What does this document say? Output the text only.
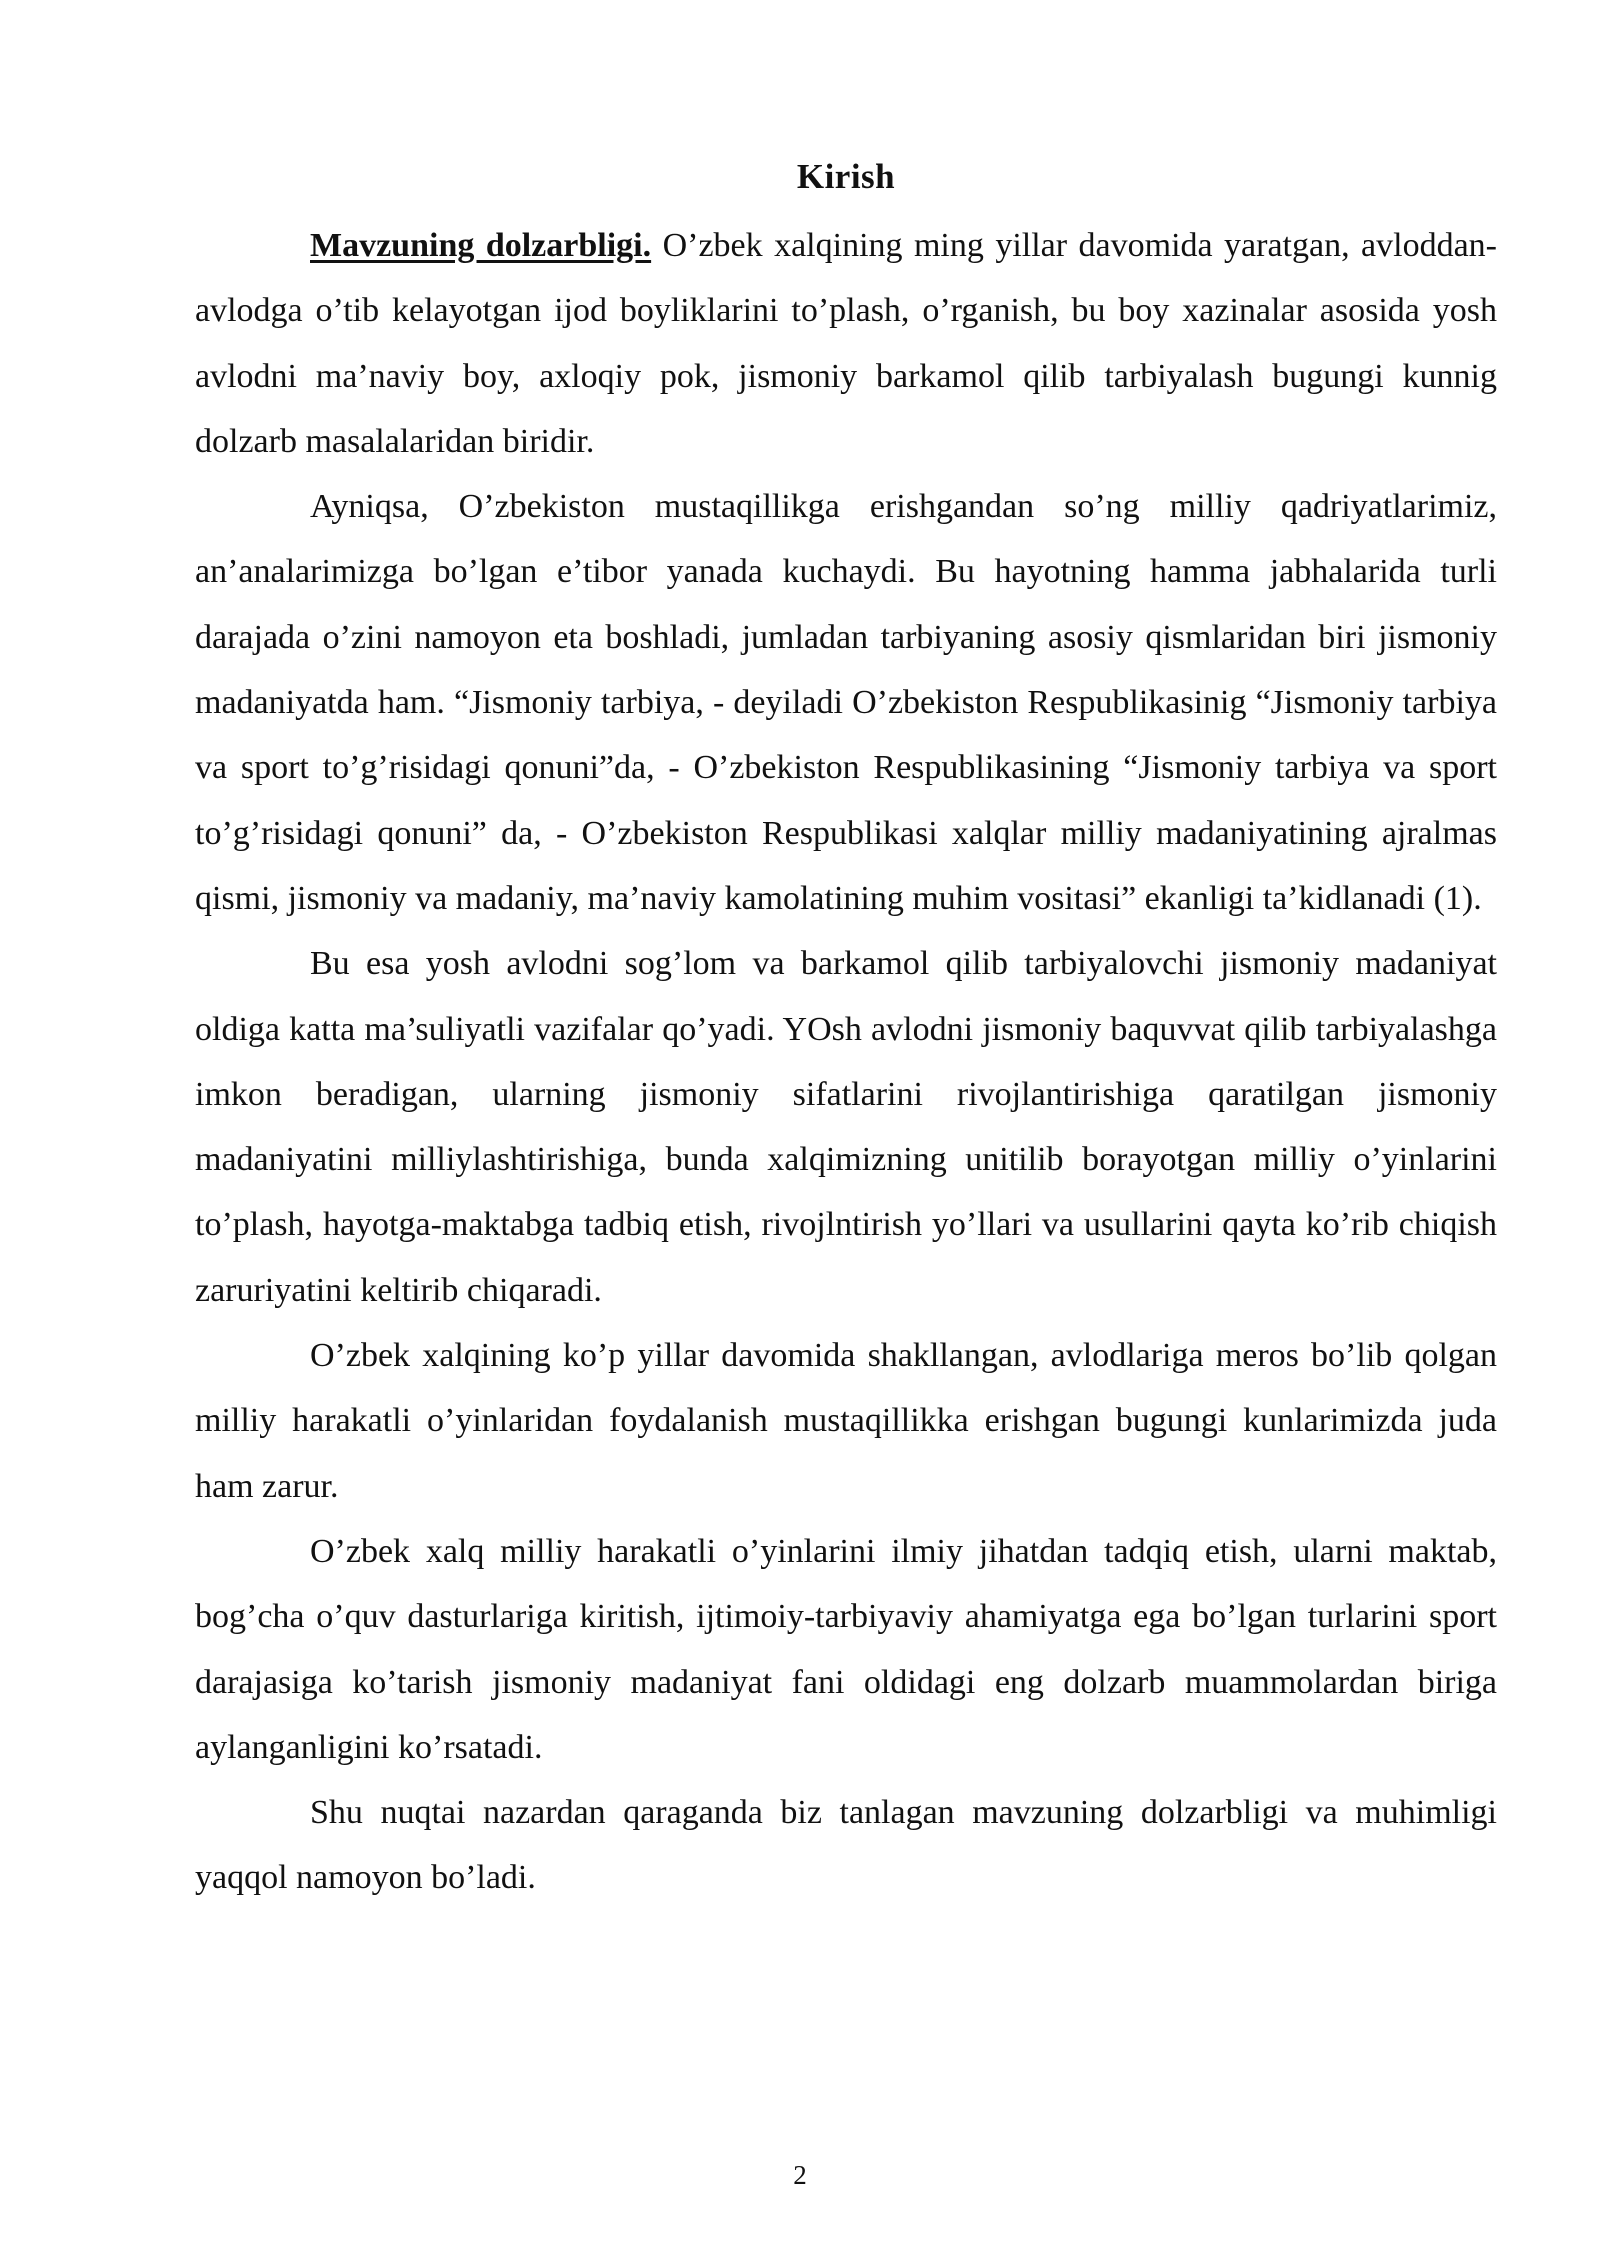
Kirish

Mavzuning dolzarbligi. O’zbek xalqining ming yillar davomida yaratgan, avloddan-avlodga o’tib kelayotgan ijod boyliklarini to’plash, o’rganish, bu boy xazinalar asosida yosh avlodni ma’naviy boy, axloqiy pok, jismoniy barkamol qilib tarbiyalash bugungi kunnig dolzarb masalalaridan biridir.

Ayniqsa, O’zbekiston mustaqillikga erishgandan so’ng milliy qadriyatlarimiz, an’analarimizga bo’lgan e’tibor yanada kuchaydi. Bu hayotning hamma jabhalarida turli darajada o’zini namoyon eta boshladi, jumladan tarbiyaning asosiy qismlaridan biri jismoniy madaniyatda ham. “Jismoniy tarbiya, - deyiladi O’zbekiston Respublikasinig “Jismoniy tarbiya va sport to’g’risidagi qonuni”da, - O’zbekiston Respublikasining “Jismoniy tarbiya va sport to’g’risidagi qonuni” da, - O’zbekiston Respublikasi xalqlar milliy madaniyatining ajralmas qismi, jismoniy va madaniy, ma’naviy kamolatining muhim vositasi” ekanligi ta’kidlanadi (1).

Bu esa yosh avlodni sog’lom va barkamol qilib tarbiyalovchi jismoniy madaniyat oldiga katta ma’suliyatli vazifalar qo’yadi. YOsh avlodni jismoniy baquvvat qilib tarbiyalashga imkon beradigan, ularning jismoniy sifatlarini rivojlantirishiga qaratilgan jismoniy madaniyatini milliylashtirishiga, bunda xalqimizning unitilib borayotgan milliy o’yinlarini to’plash, hayotga-maktabga tadbiq etish, rivojlntirish yo’llari va usullarini qayta ko’rib chiqish zaruriyatini keltirib chiqaradi.

O’zbek xalqining ko’p yillar davomida shakllangan, avlodlariga meros bo’lib qolgan milliy harakatli o’yinlaridan foydalanish mustaqillikka erishgan bugungi kunlarimizda juda ham zarur.

O’zbek xalq milliy harakatli o’yinlarini ilmiy jihatdan tadqiq etish, ularni maktab, bog’cha o’quv dasturlariga kiritish, ijtimoiy-tarbiyaviy ahamiyatga ega bo’lgan turlarini sport darajasiga ko’tarish jismoniy madaniyat fani oldidagi eng dolzarb muammolardan biriga aylanganligini ko’rsatadi.

Shu nuqtai nazardan qaraganda biz tanlagan mavzuning dolzarbligi va muhimligi yaqqol namoyon bo’ladi.

2
